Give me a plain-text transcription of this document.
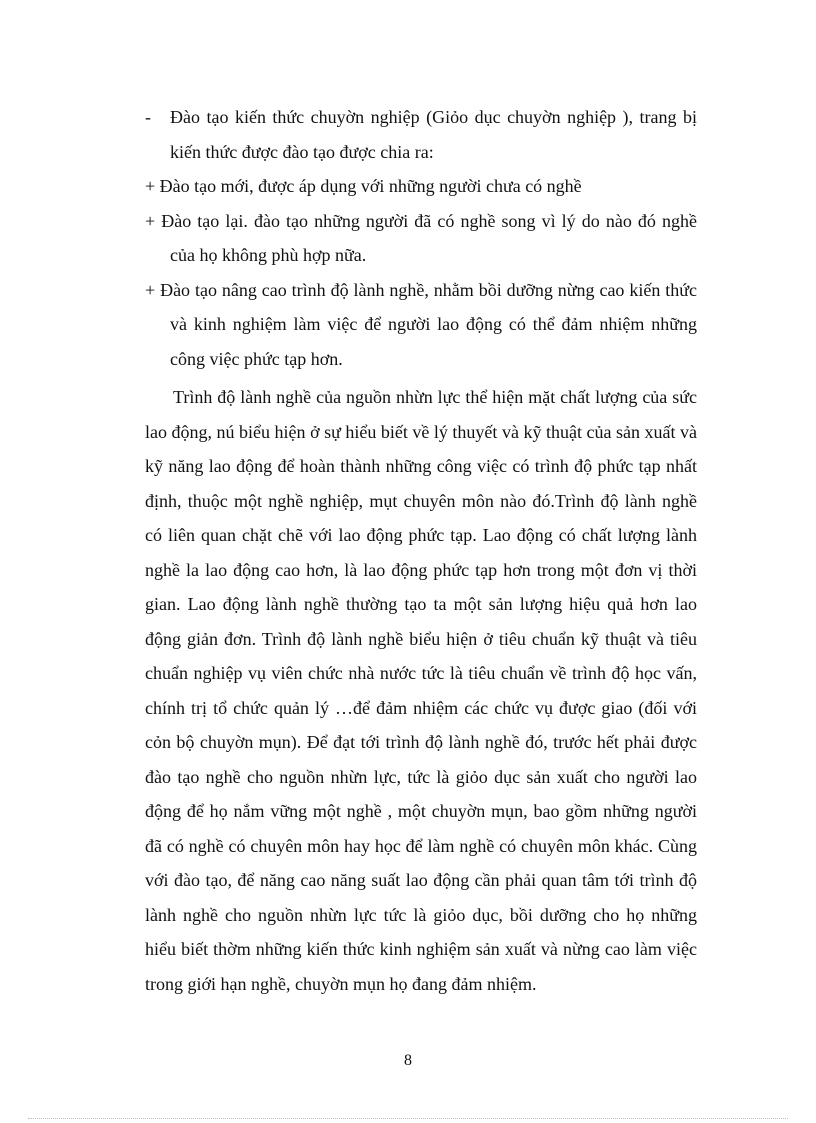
- Đào tạo kiến thức chuyờn nghiệp (Giỏo dục chuyờn nghiệp ), trang bị kiến thức được đào tạo được chia ra:

+ Đào tạo mới, được áp dụng với những người chưa có nghề

+ Đào tạo lại. đào tạo những người đã có nghề song vì lý do nào đó nghề của họ không phù hợp nữa.

+ Đào tạo nâng cao trình độ lành nghề, nhằm bồi dưỡng nừng cao kiến thức và kinh nghiệm làm việc để người lao động có thể đảm nhiệm những công việc phức tạp hơn.

Trình độ lành nghề của nguồn nhừn lực thể hiện mặt chất lượng của sức lao động, nú biểu hiện ở sự hiểu biết về lý thuyết và kỹ thuật của sản xuất và kỹ năng lao động để hoàn thành những công việc có trình độ phức tạp nhất định, thuộc một nghề nghiệp, mụt chuyên môn nào đó.Trình độ lành nghề có liên quan chặt chẽ với lao động phức tạp. Lao động có chất lượng lành nghề la lao động cao hơn, là lao động phức tạp hơn trong một đơn vị thời gian. Lao động lành nghề thường tạo ta một sản lượng hiệu quả hơn lao động giản đơn. Trình độ lành nghề biểu hiện ở tiêu chuẩn kỹ thuật và tiêu chuẩn nghiệp vụ viên chức nhà nước tức là tiêu chuẩn về trình độ học vấn, chính trị tổ chức quản lý …để đảm nhiệm các chức vụ được giao (đối với cỏn bộ chuyờn mụn). Để đạt tới trình độ lành nghề đó, trước hết phải được đào tạo nghề cho nguồn nhừn lực, tức là giỏo dục sản xuất cho người lao động để họ nắm vững một nghề , một chuyờn mụn, bao gồm những người đã có nghề có chuyên môn hay học để làm nghề có chuyên môn khác. Cùng với đào tạo, để năng cao năng suất lao động cần phải quan tâm tới trình độ lành nghề cho nguồn nhừn lực tức là giỏo dục, bồi dưỡng cho họ những hiểu biết thờm những kiến thức kinh nghiệm sản xuất và nừng cao làm việc trong giới hạn nghề, chuyờn mụn họ đang đảm nhiệm.

8
